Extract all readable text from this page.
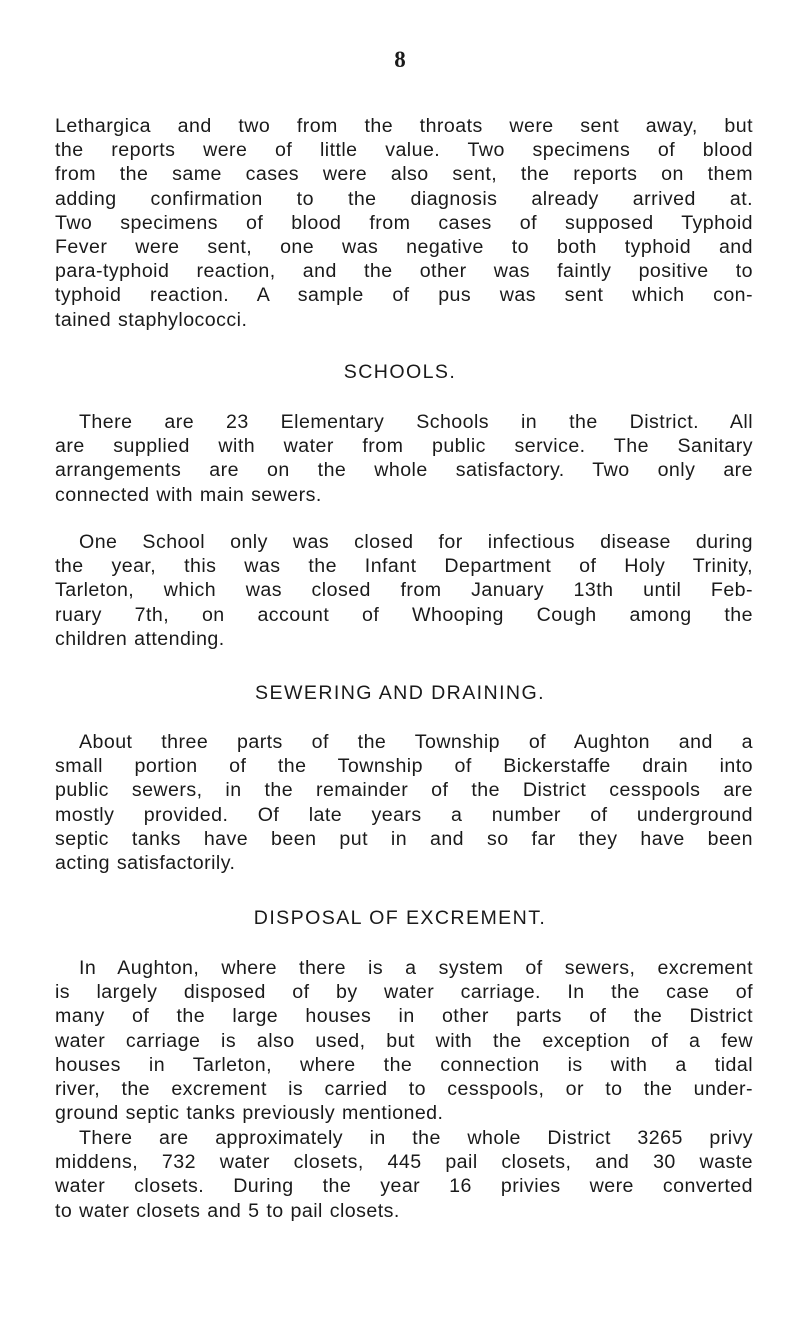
8
Lethargica and two from the throats were sent away, but
the reports were of little value. Two specimens of blood
from the same cases were also sent, the reports on them
adding confirmation to the diagnosis already arrived at.
Two specimens of blood from cases of supposed Typhoid
Fever were sent, one was negative to both typhoid and
para-typhoid reaction, and the other was faintly positive to
typhoid reaction. A sample of pus was sent which con-
tained staphylococci.
SCHOOLS.
There are 23 Elementary Schools in the District. All
are supplied with water from public service. The Sanitary
arrangements are on the whole satisfactory. Two only are
connected with main sewers.
One School only was closed for infectious disease during
the year, this was the Infant Department of Holy Trinity,
Tarleton, which was closed from January 13th until Feb-
ruary 7th, on account of Whooping Cough among the
children attending.
SEWERING AND DRAINING.
About three parts of the Township of Aughton and a
small portion of the Township of Bickerstaffe drain into
public sewers, in the remainder of the District cesspools are
mostly provided. Of late years a number of underground
septic tanks have been put in and so far they have been
acting satisfactorily.
DISPOSAL OF EXCREMENT.
In Aughton, where there is a system of sewers, excrement
is largely disposed of by water carriage. In the case of
many of the large houses in other parts of the District
water carriage is also used, but with the exception of a few
houses in Tarleton, where the connection is with a tidal
river, the excrement is carried to cesspools, or to the under-
ground septic tanks previously mentioned.
There are approximately in the whole District 3265 privy
middens, 732 water closets, 445 pail closets, and 30 waste
water closets. During the year 16 privies were converted
to water closets and 5 to pail closets.
